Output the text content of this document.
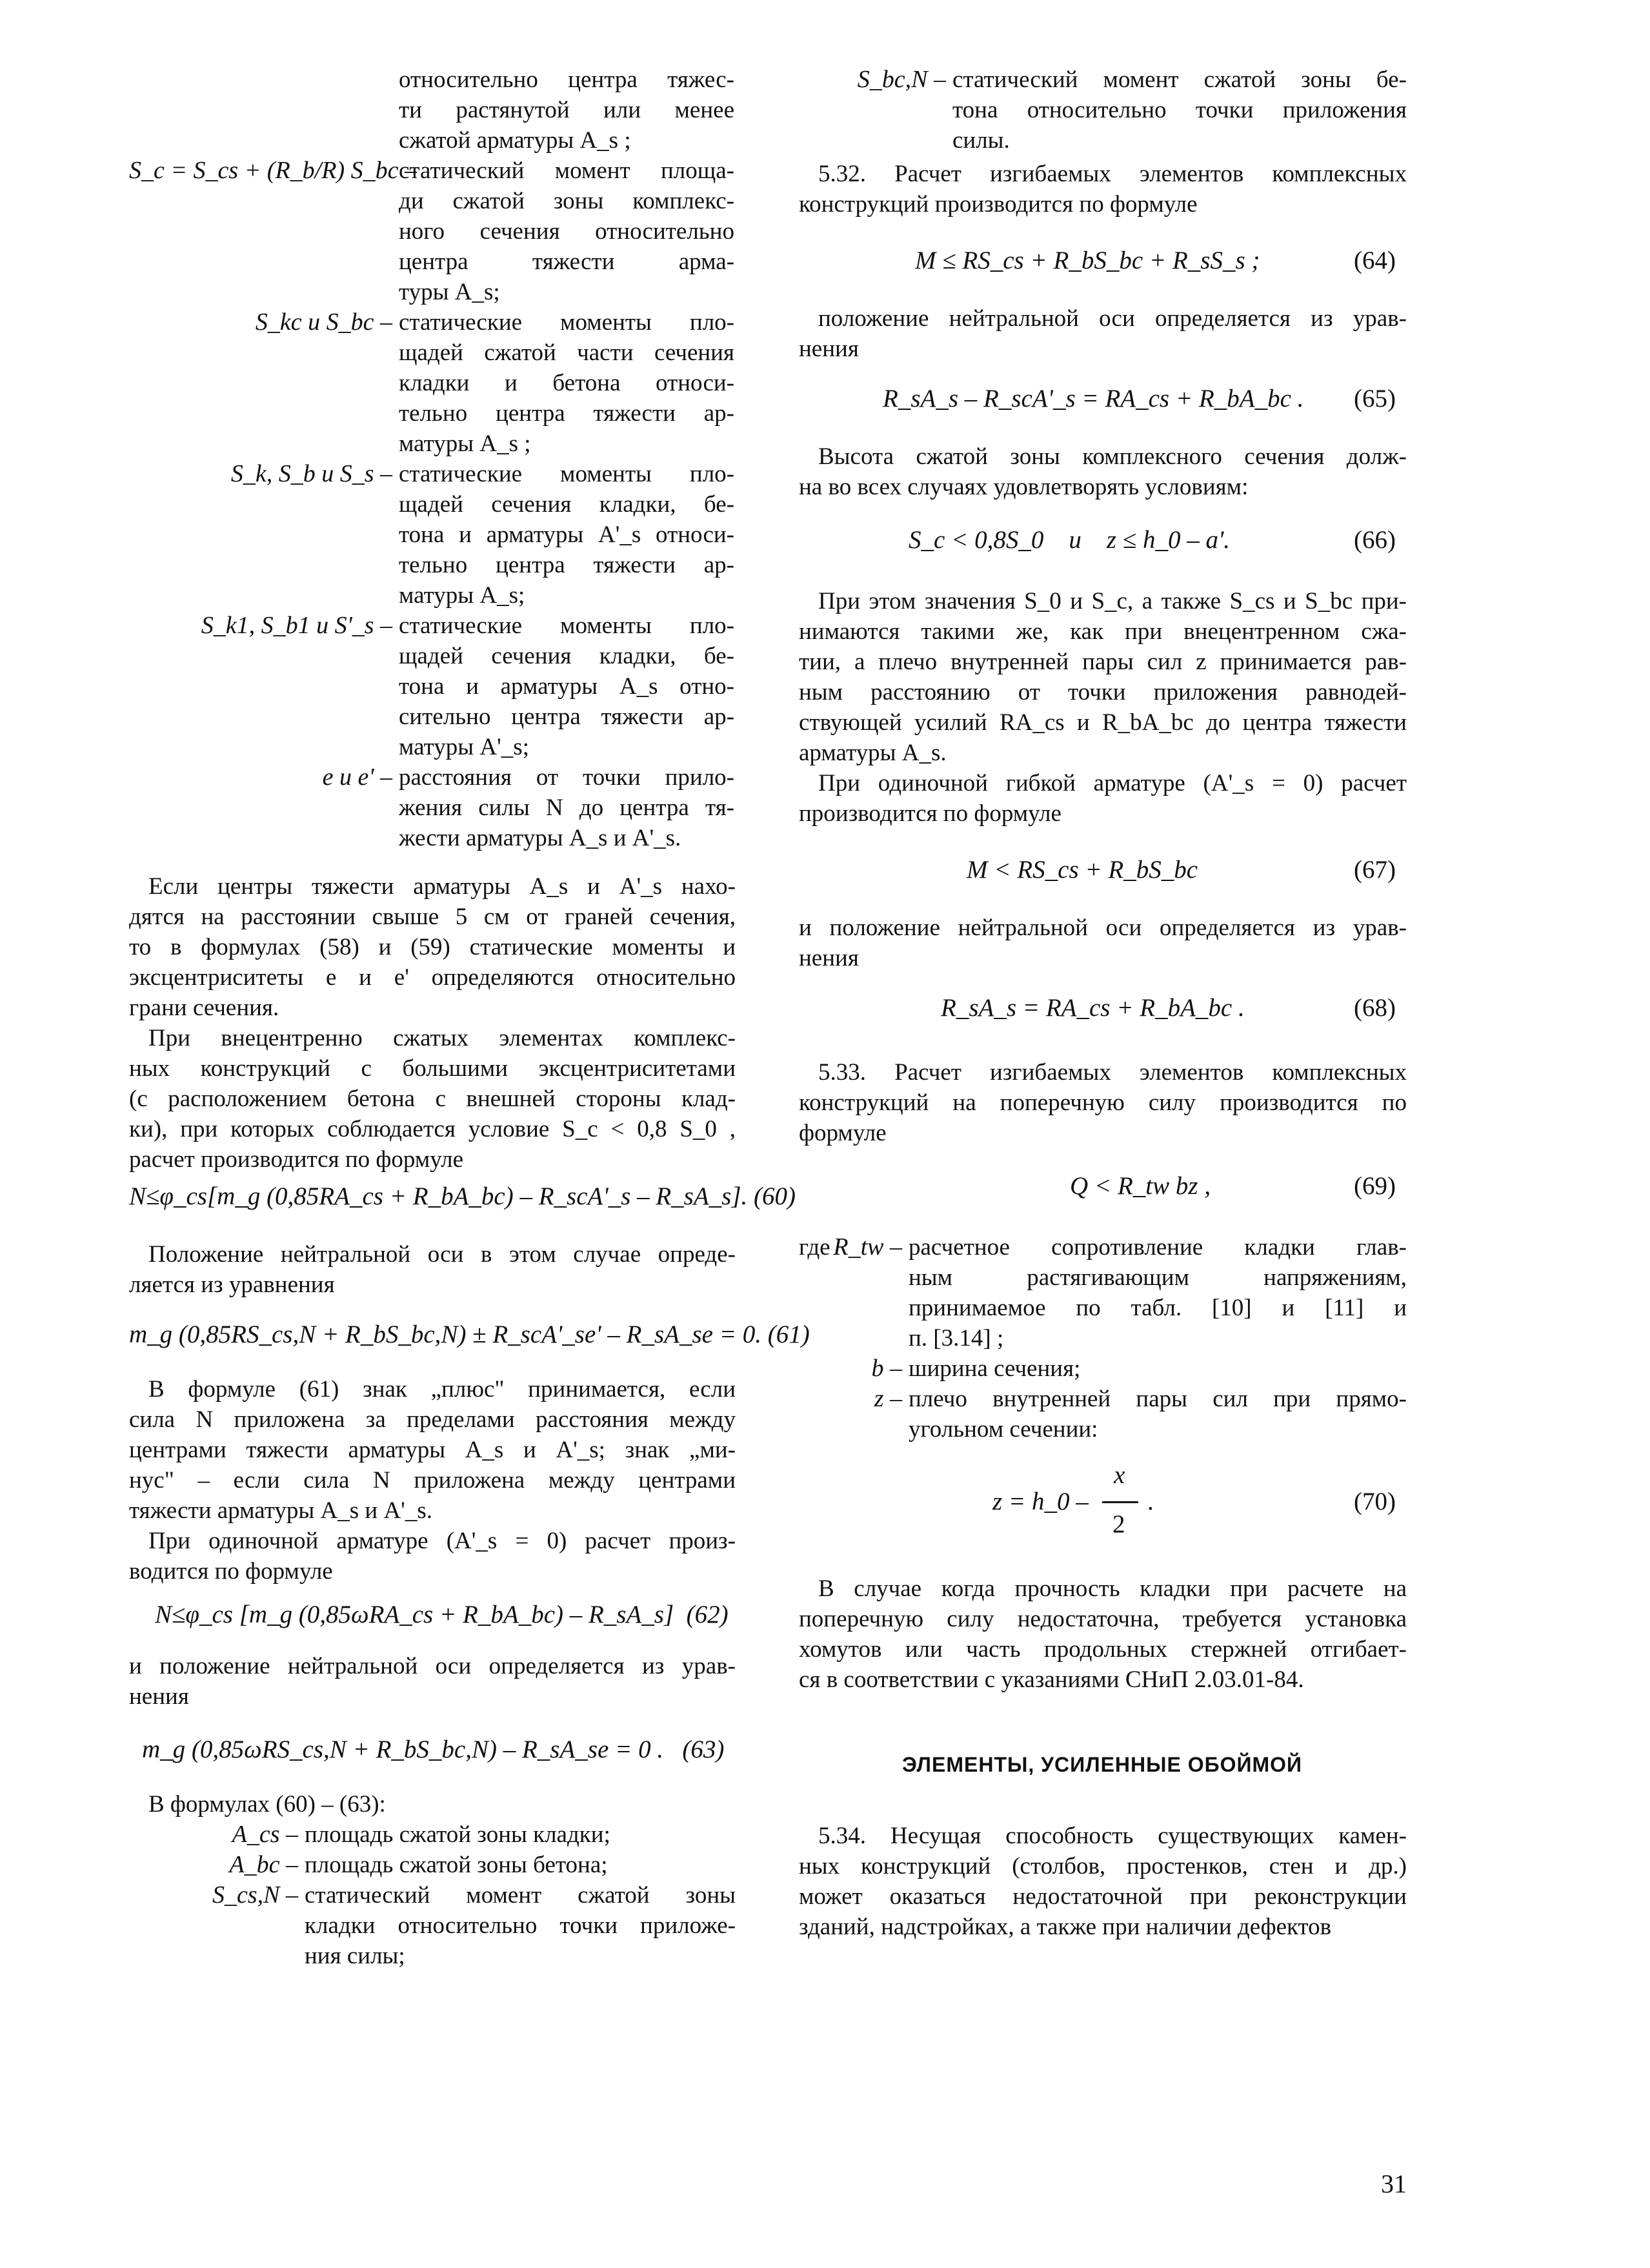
относительно центра тяжес-
ти растянутой или менее
сжатой арматуры A_s ;
S_c = S_cs + (R_b/R) S_bc –
статический момент площа-
ди сжатой зоны комплекс-
ного сечения относительно
центра тяжести арма-
туры A_s;
S_kc и S_bc – статические моменты пло-
щадей сжатой части сечения
кладки и бетона относи-
тельно центра тяжести ар-
матуры A_s ;
S_k, S_b и S_s – статические моменты пло-
щадей сечения кладки, бе-
тона и арматуры A'_s относи-
тельно центра тяжести ар-
матуры A_s;
S_k1, S_b1 и S'_s – статические моменты пло-
щадей сечения кладки, бе-
тона и арматуры A_s отно-
сительно центра тяжести ар-
матуры A'_s;
e и e' – расстояния от точки прило-
жения силы N до центра тя-
жести арматуры A_s и A'_s.
Если центры тяжести арматуры A_s и A'_s нахо-
дятся на расстоянии свыше 5 см от граней сечения,
то в формулах (58) и (59) статические моменты и
эксцентриситеты e и e' определяются относительно
грани сечения.
При внецентренно сжатых элементах комплекс-
ных конструкций с большими эксцентриситетами
(с расположением бетона с внешней стороны клад-
ки), при которых соблюдается условие S_c < 0,8 S_0 ,
расчет производится по формуле
N≤φ_cs[m_g (0,85RA_cs + R_bA_bc) – R_scA'_s – R_sA_s]. (60)
Положение нейтральной оси в этом случае опреде-
ляется из уравнения
m_g (0,85RS_cs,N + R_bS_bc,N) ± R_scA'_se' – R_sA_se = 0. (61)
В формуле (61) знак „плюс" принимается, если
сила N приложена за пределами расстояния между
центрами тяжести арматуры A_s и A'_s; знак „ми-
нус" – если сила N приложена между центрами
тяжести арматуры A_s и A'_s.
При одиночной арматуре (A'_s = 0) расчет произ-
водится по формуле
N≤φ_cs [m_g (0,85ωRA_cs + R_bA_bc) – R_sA_s]  (62)
и положение нейтральной оси определяется из урав-
нения
m_g (0,85ωRS_cs,N + R_bS_bc,N) – R_sA_se = 0 .   (63)
В формулах (60) – (63):
A_cs – площадь сжатой зоны кладки;
A_bc – площадь сжатой зоны бетона;
S_cs,N – статический момент сжатой зоны
кладки относительно точки приложе-
ния силы;
S_bc,N – статический момент сжатой зоны бе-
тона относительно точки приложения
силы.
5.32. Расчет изгибаемых элементов комплексных
конструкций производится по формуле
M ≤ RS_cs + R_bS_bc + R_sS_s ;	(64)
положение нейтральной оси определяется из урав-
нения
R_sA_s – R_scA'_s = RA_cs + R_bA_bc . (65)
Высота сжатой зоны комплексного сечения долж-
на во всех случаях удовлетворять условиям:
S_c < 0,8S_0    и    z ≤ h_0 – a'.	(66)
При этом значения S_0 и S_c, а также S_cs и S_bc при-
нимаются такими же, как при внецентренном сжа-
тии, а плечо внутренней пары сил z принимается рав-
ным расстоянию от точки приложения равнодей-
ствующей усилий RA_cs и R_bA_bc до центра тяжести
арматуры A_s.
При одиночной гибкой арматуре (A'_s = 0) расчет
производится по формуле
M < RS_cs + R_bS_bc	(67)
и положение нейтральной оси определяется из урав-
нения
R_sA_s = RA_cs + R_bA_bc .	(68)
5.33. Расчет изгибаемых элементов комплексных
конструкций на поперечную силу производится по
формуле
Q < R_tw bz ,	(69)
где R_tw – расчетное сопротивление кладки глав-
ным растягивающим напряжениям,
принимаемое по табл. [10] и [11] и
п. [3.14] ;
b – ширина сечения;
z – плечо внутренней пары сил при прямо-
угольном сечении:
z = h_0 –
x
2
.	(70)
В случае когда прочность кладки при расчете на
поперечную силу недостаточна, требуется установка
хомутов или часть продольных стержней отгибает-
ся в соответствии с указаниями СНиП 2.03.01-84.
ЭЛЕМЕНТЫ, УСИЛЕННЫЕ ОБОЙМОЙ
5.34. Несущая способность существующих камен-
ных конструкций (столбов, простенков, стен и др.)
может оказаться недостаточной при реконструкции
зданий, надстройках, а также при наличии дефектов
31
